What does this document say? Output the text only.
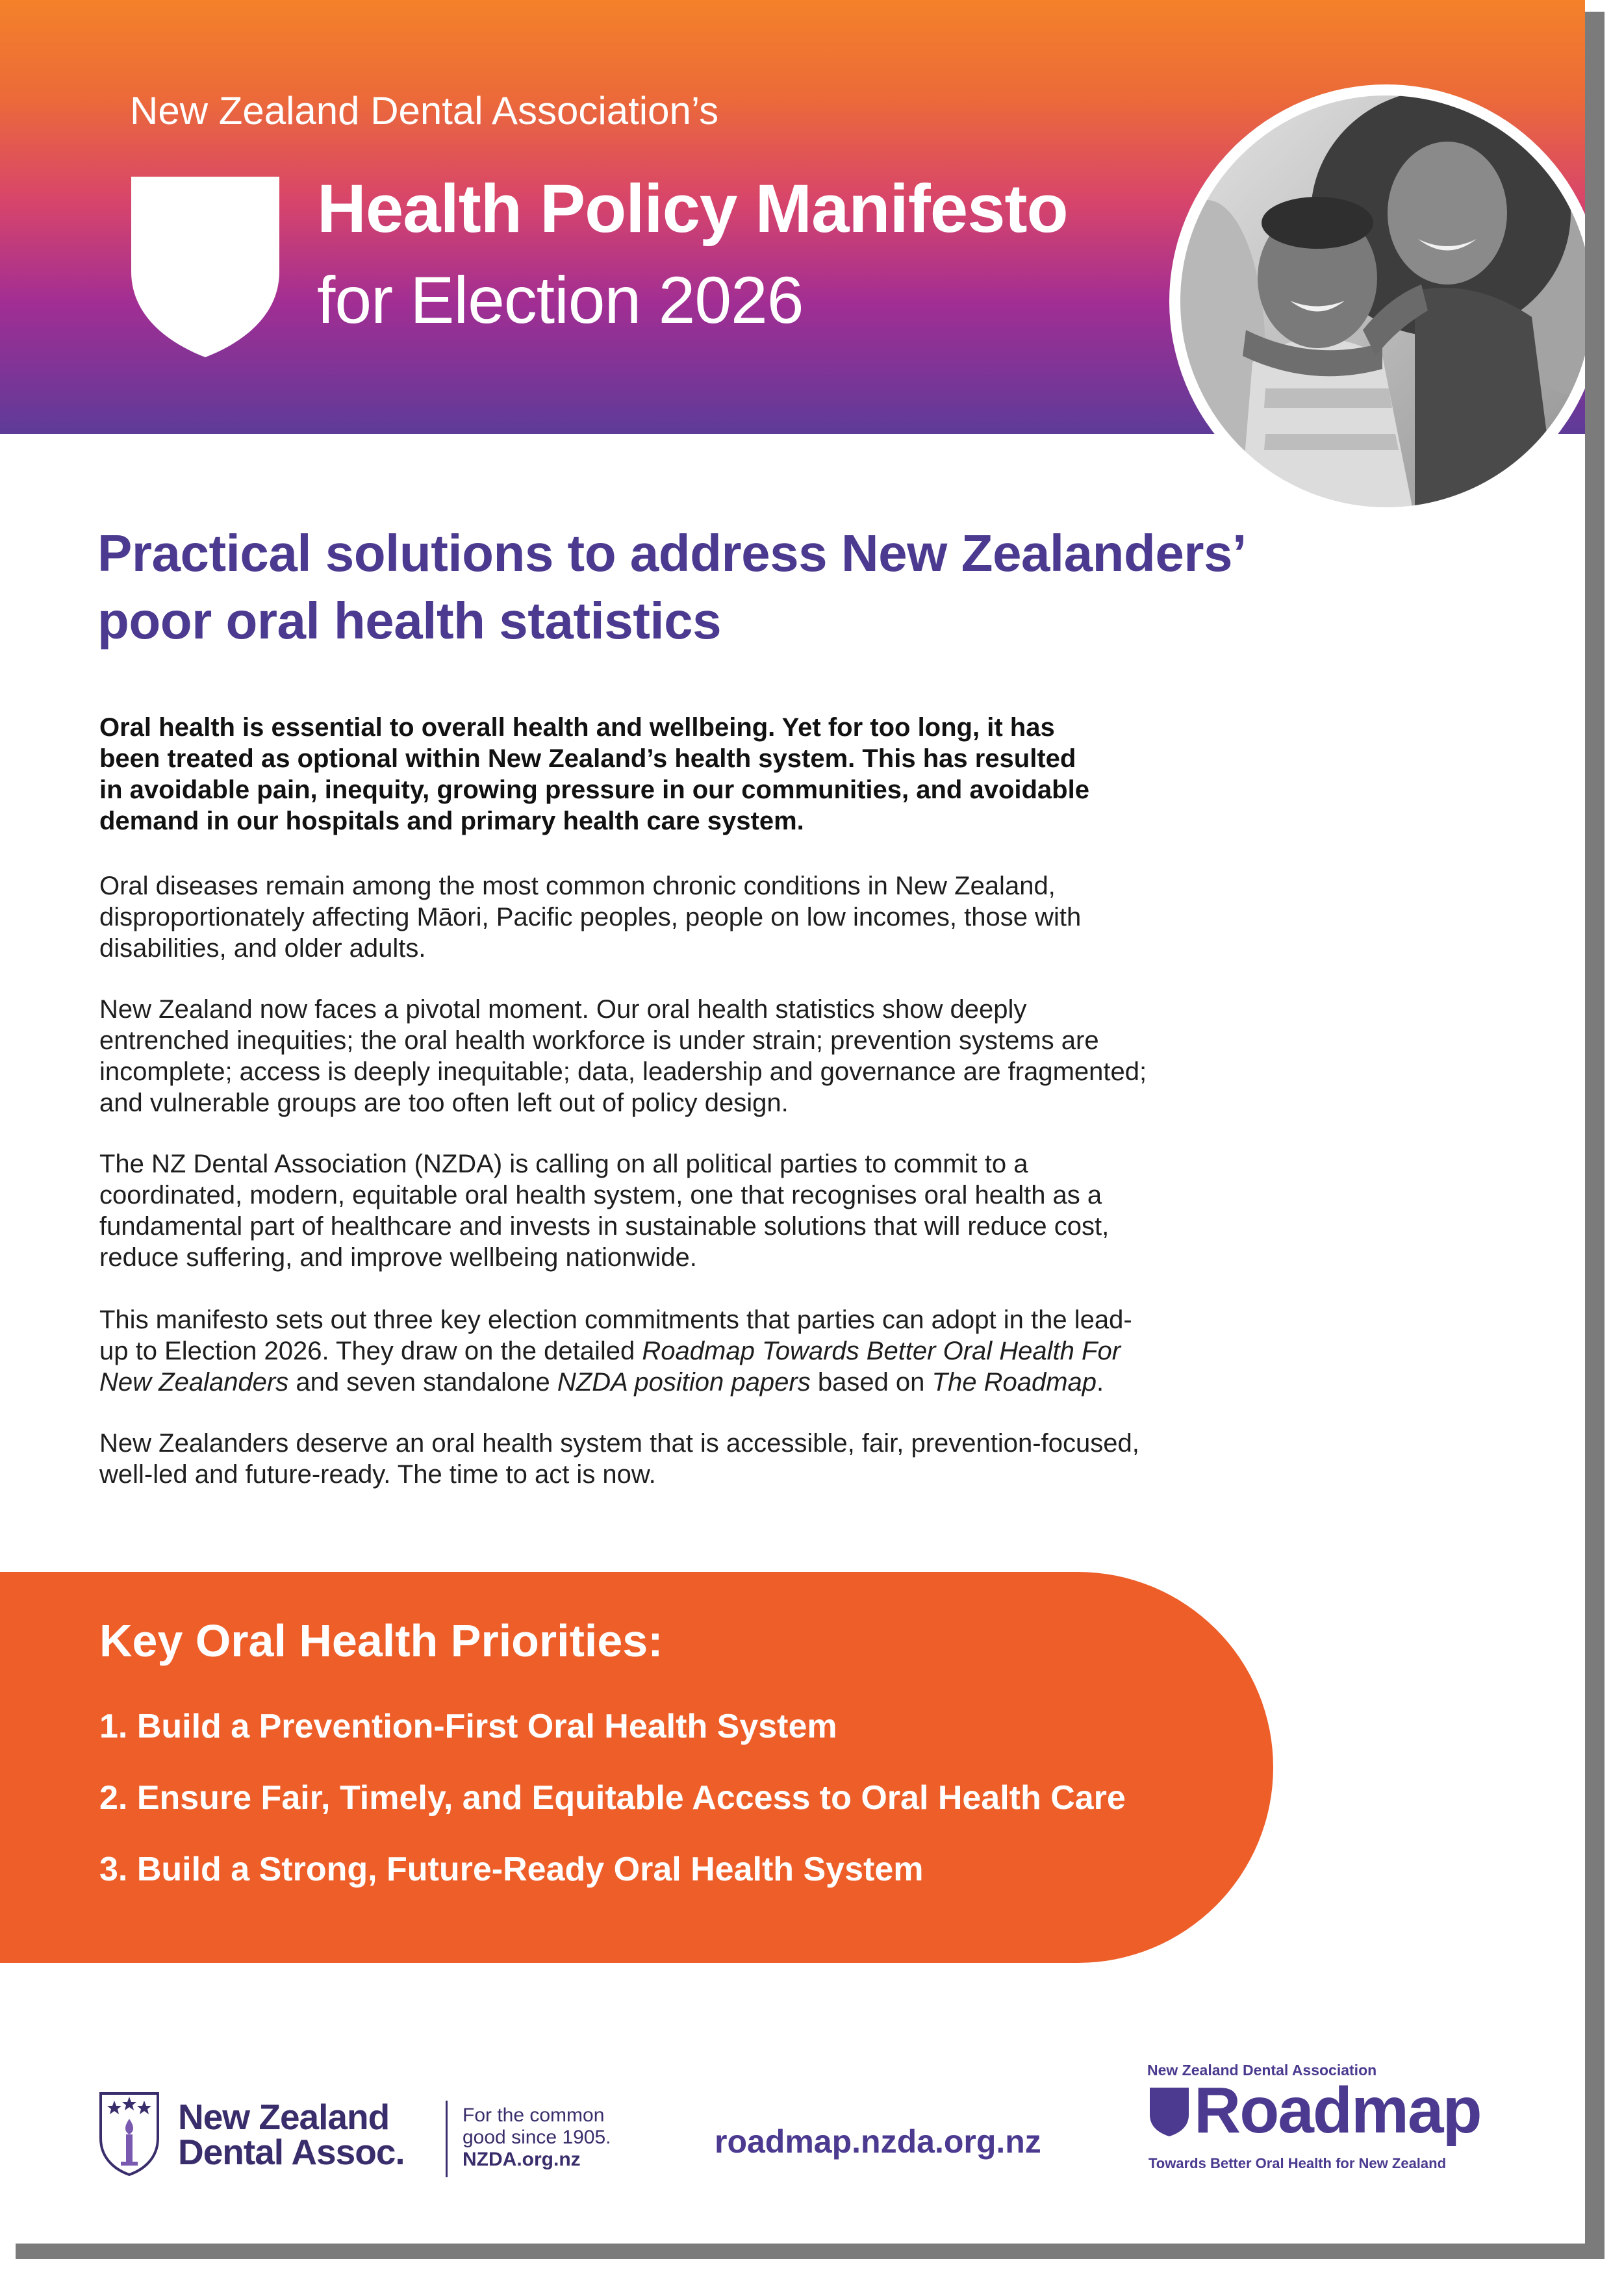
New Zealand Dental Association’s
Health Policy Manifesto
for Election 2026
Practical solutions to address New Zealanders’
poor oral health statistics

Oral health is essential to overall health and wellbeing. Yet for too long, it has
been treated as optional within New Zealand’s health system. This has resulted
in avoidable pain, inequity, growing pressure in our communities, and avoidable
demand in our hospitals and primary health care system.

Oral diseases remain among the most common chronic conditions in New Zealand,
disproportionately affecting Māori, Pacific peoples, people on low incomes, those with
disabilities, and older adults.

New Zealand now faces a pivotal moment. Our oral health statistics show deeply
entrenched inequities; the oral health workforce is under strain; prevention systems are
incomplete; access is deeply inequitable; data, leadership and governance are fragmented;
and vulnerable groups are too often left out of policy design.

The NZ Dental Association (NZDA) is calling on all political parties to commit to a
coordinated, modern, equitable oral health system, one that recognises oral health as a
fundamental part of healthcare and invests in sustainable solutions that will reduce cost,
reduce suffering, and improve wellbeing nationwide.

This manifesto sets out three key election commitments that parties can adopt in the lead-
up to Election 2026. They draw on the detailed Roadmap Towards Better Oral Health For
New Zealanders and seven standalone NZDA position papers based on The Roadmap.

New Zealanders deserve an oral health system that is accessible, fair, prevention-focused,
well-led and future-ready. The time to act is now.

Key Oral Health Priorities:
1. Build a Prevention-First Oral Health System
2. Ensure Fair, Timely, and Equitable Access to Oral Health Care
3. Build a Strong, Future-Ready Oral Health System
New Zealand
Dental Assoc.
For the common
good since 1905.
NZDA.org.nz	roadmap.nzda.org.nz
New Zealand Dental Association
Roadmap
Towards Better Oral Health for New Zealand
